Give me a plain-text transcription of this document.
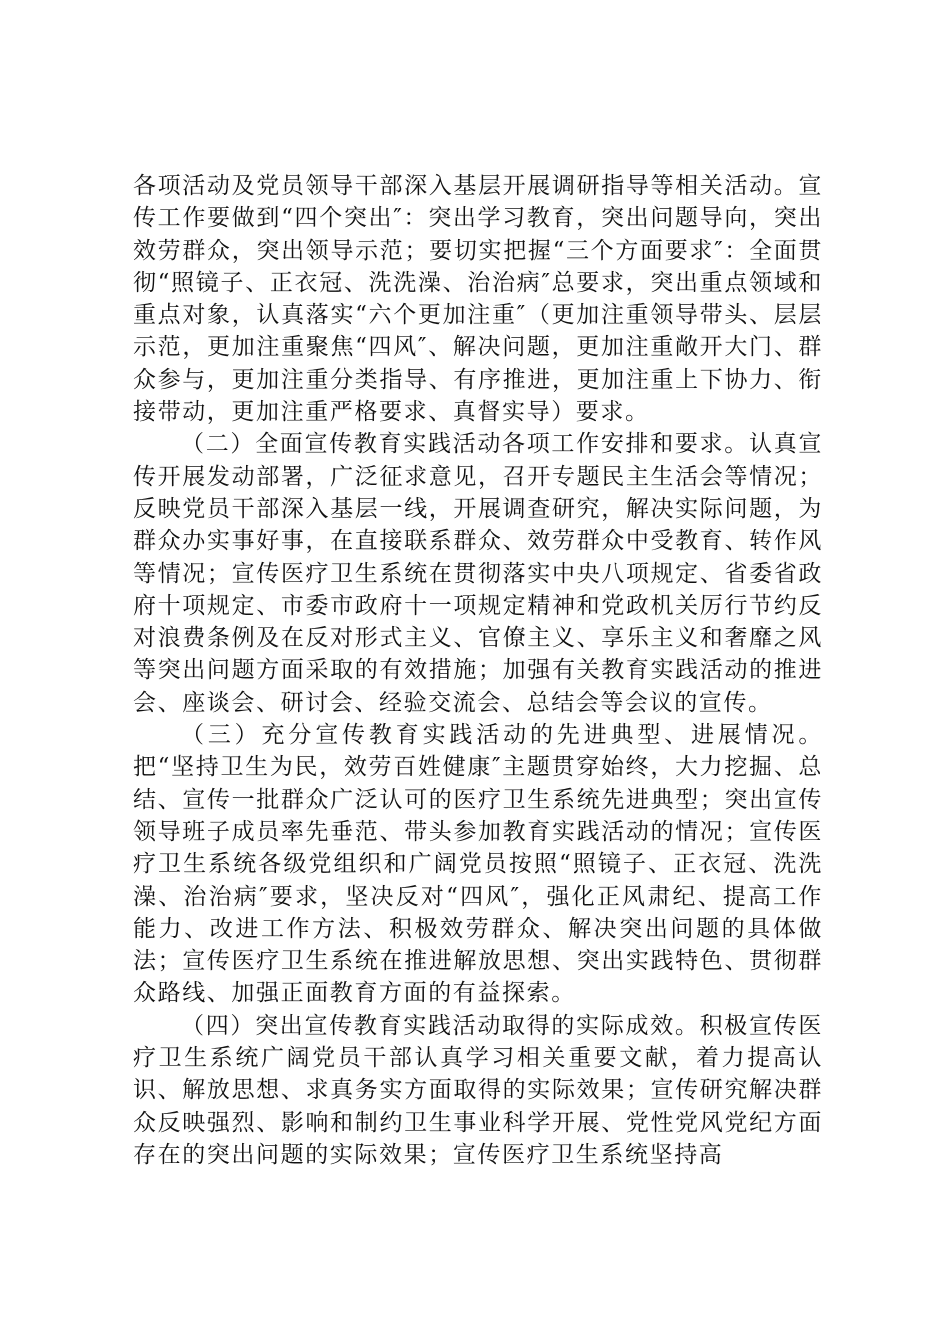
各项活动及党员领导干部深入基层开展调研指导等相关活动。宣传工作要做到“四个突出″：突出学习教育，突出问题导向，突出效劳群众，突出领导示范；要切实把握“三个方面要求″：全面贯彻“照镜子、正衣冠、洗洗澡、治治病″总要求，突出重点领域和重点对象，认真落实“六个更加注重″（更加注重领导带头、层层示范，更加注重聚焦“四风″、解决问题，更加注重敞开大门、群众参与，更加注重分类指导、有序推进，更加注重上下协力、衔接带动，更加注重严格要求、真督实导）要求。

（二）全面宣传教育实践活动各项工作安排和要求。认真宣传开展发动部署，广泛征求意见，召开专题民主生活会等情况；反映党员干部深入基层一线，开展调查研究，解决实际问题，为群众办实事好事，在直接联系群众、效劳群众中受教育、转作风等情况；宣传医疗卫生系统在贯彻落实中央八项规定、省委省政府十项规定、市委市政府十一项规定精神和党政机关厉行节约反对浪费条例及在反对形式主义、官僚主义、享乐主义和奢靡之风等突出问题方面采取的有效措施；加强有关教育实践活动的推进会、座谈会、研讨会、经验交流会、总结会等会议的宣传。

（三）充分宣传教育实践活动的先进典型、进展情况。把“坚持卫生为民，效劳百姓健康″主题贯穿始终，大力挖掘、总结、宣传一批群众广泛认可的医疗卫生系统先进典型；突出宣传领导班子成员率先垂范、带头参加教育实践活动的情况；宣传医疗卫生系统各级党组织和广阔党员按照“照镜子、正衣冠、洗洗澡、治治病″要求，坚决反对“四风″，强化正风肃纪、提高工作能力、改进工作方法、积极效劳群众、解决突出问题的具体做法；宣传医疗卫生系统在推进解放思想、突出实践特色、贯彻群众路线、加强正面教育方面的有益探索。

（四）突出宣传教育实践活动取得的实际成效。积极宣传医疗卫生系统广阔党员干部认真学习相关重要文献，着力提高认识、解放思想、求真务实方面取得的实际效果；宣传研究解决群众反映强烈、影响和制约卫生事业科学开展、党性党风党纪方面存在的突出问题的实际效果；宣传医疗卫生系统坚持高
